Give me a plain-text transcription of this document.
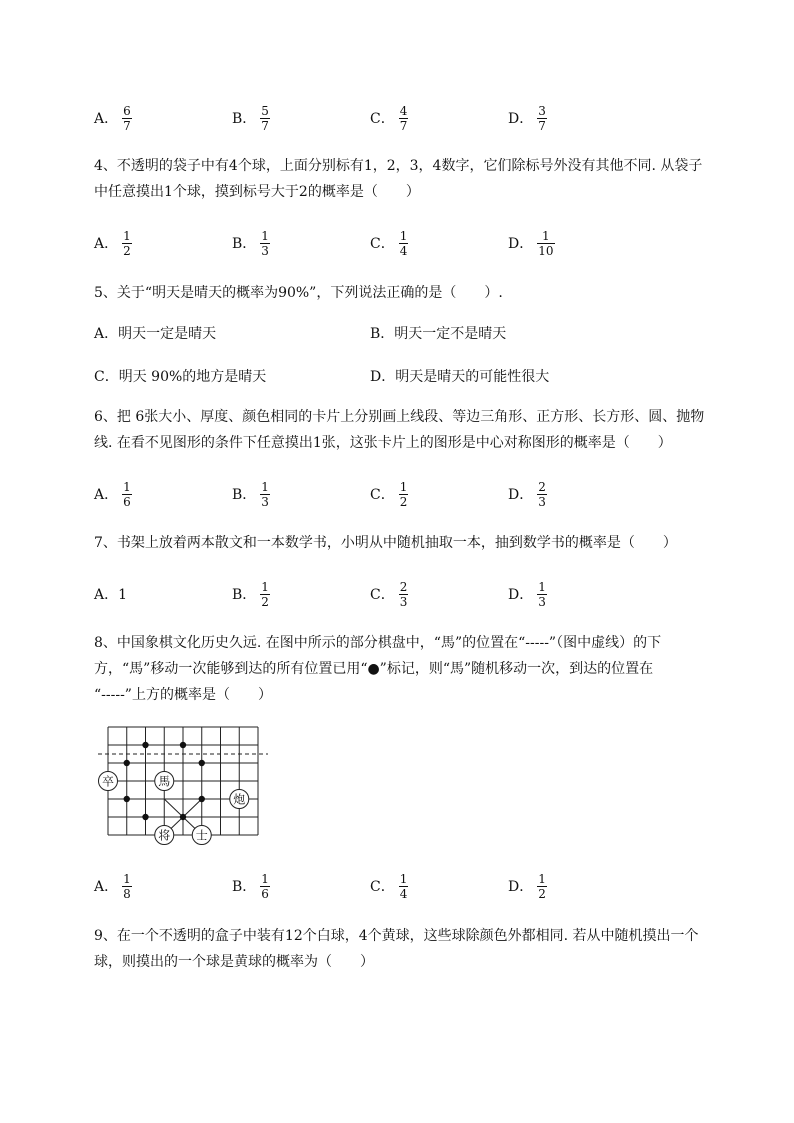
A． $\frac{6}{7}$	B． $\frac{5}{7}$	C． $\frac{4}{7}$	D． $\frac{3}{7}$
4、不透明的袋子中有4个球，上面分别标有1，2，3，4数字，它们除标号外没有其他不同. 从袋子
中任意摸出1个球，摸到标号大于2的概率是（　　）
A． $\frac{1}{2}$	B． $\frac{1}{3}$	C． $\frac{1}{4}$	D． $\frac{1}{10}$
5、关于“明天是晴天的概率为90%”，下列说法正确的是（　　）.
A．明天一定是晴天	B．明天一定不是晴天
C．明天 90%的地方是晴天	D．明天是晴天的可能性很大
6、把 6张大小、厚度、颜色相同的卡片上分别画上线段、等边三角形、正方形、长方形、圆、抛物
线. 在看不见图形的条件下任意摸出1张，这张卡片上的图形是中心对称图形的概率是（　　）
A． $\frac{1}{6}$	B． $\frac{1}{3}$	C． $\frac{1}{2}$	D． $\frac{2}{3}$
7、书架上放着两本散文和一本数学书，小明从中随机抽取一本，抽到数学书的概率是（　　）
A．1	B． $\frac{1}{2}$	C． $\frac{2}{3}$	D． $\frac{1}{3}$
8、中国象棋文化历史久远. 在图中所示的部分棋盘中，“馬”的位置在“-----”（图中虚线）的下
方，“馬”移动一次能够到达的所有位置已用“●”标记，则“馬”随机移动一次，到达的位置在
“-----”上方的概率是（　　）
卒	馬
炮
将 士
A． $\frac{1}{8}$	B． $\frac{1}{6}$	C． $\frac{1}{4}$	D． $\frac{1}{2}$
9、在一个不透明的盒子中装有12个白球，4个黄球，这些球除颜色外都相同. 若从中随机摸出一个
球，则摸出的一个球是黄球的概率为（　　）
